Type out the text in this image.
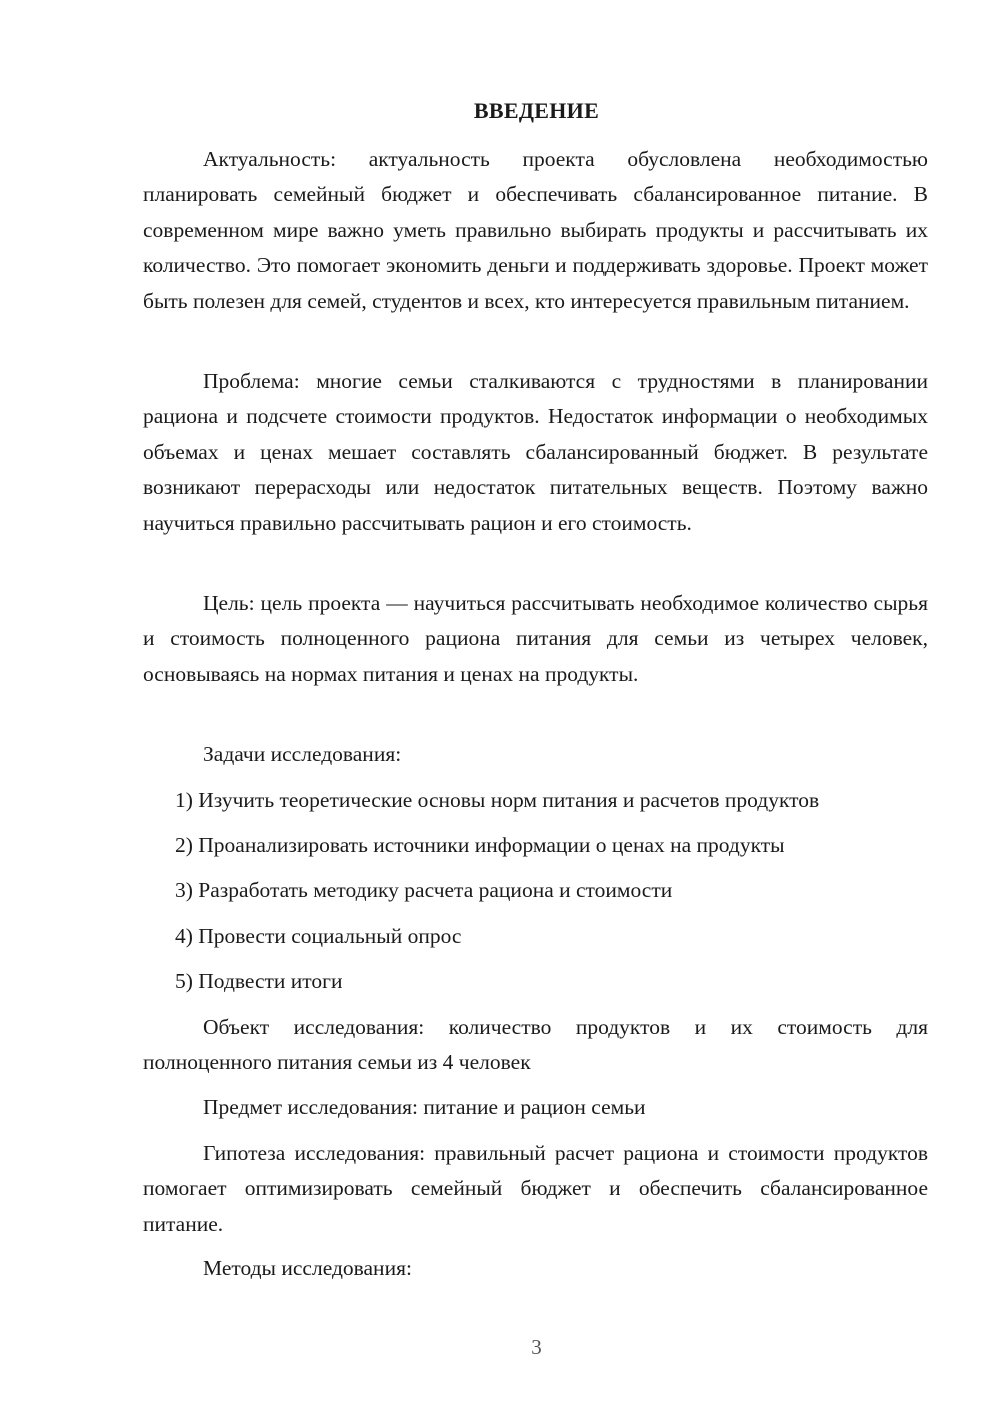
ВВЕДЕНИЕ

Актуальность: актуальность проекта обусловлена необходимостью планировать семейный бюджет и обеспечивать сбалансированное питание. В современном мире важно уметь правильно выбирать продукты и рассчитывать их количество. Это помогает экономить деньги и поддерживать здоровье. Проект может быть полезен для семей, студентов и всех, кто интересуется правильным питанием.

Проблема: многие семьи сталкиваются с трудностями в планировании рациона и подсчете стоимости продуктов. Недостаток информации о необходимых объемах и ценах мешает составлять сбалансированный бюджет. В результате возникают перерасходы или недостаток питательных веществ. Поэтому важно научиться правильно рассчитывать рацион и его стоимость.

Цель: цель проекта — научиться рассчитывать необходимое количество сырья и стоимость полноценного рациона питания для семьи из четырех человек, основываясь на нормах питания и ценах на продукты.

Задачи исследования:
1) Изучить теоретические основы норм питания и расчетов продуктов
2) Проанализировать источники информации о ценах на продукты
3) Разработать методику расчета рациона и стоимости
4) Провести социальный опрос
5) Подвести итоги

Объект исследования: количество продуктов и их стоимость для полноценного питания семьи из 4 человек

Предмет исследования: питание и рацион семьи

Гипотеза исследования: правильный расчет рациона и стоимости продуктов помогает оптимизировать семейный бюджет и обеспечить сбалансированное питание.

Методы исследования:
3
